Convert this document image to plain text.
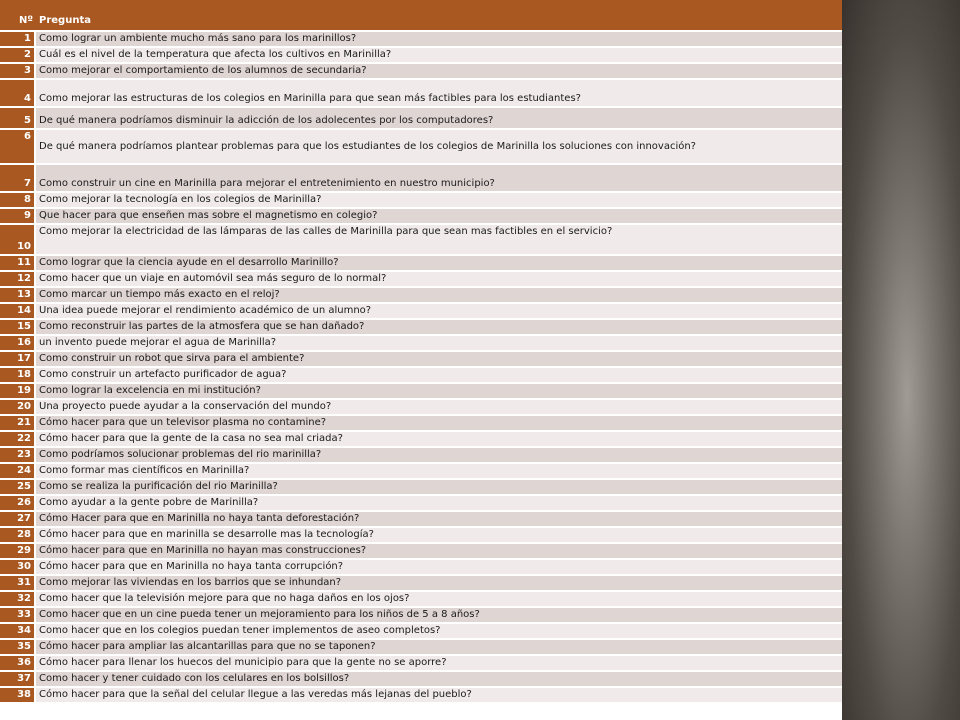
Nº	Pregunta
1	Como lograr un ambiente mucho más sano para los marinillos?
2	Cuál es el nivel de la temperatura que afecta los cultivos en Marinilla?
3	Como mejorar el comportamiento de los alumnos de secundaria?
4	Como mejorar las estructuras de los colegios en Marinilla para que sean más factibles para los estudiantes?
5	De qué manera podríamos disminuir la adicción de los adolecentes por los computadores?
6	De qué manera podríamos plantear problemas para que los estudiantes de los colegios de Marinilla los soluciones con innovación?
7	Como construir un cine en Marinilla para mejorar el entretenimiento en nuestro municipio?
8	Como mejorar la tecnología en los colegios de Marinilla?
9	Que hacer para que enseñen mas sobre el magnetismo en colegio?
10	Como mejorar la electricidad de las lámparas de las calles de Marinilla para que sean mas factibles en el servicio?
11	Como lograr que la ciencia ayude en el desarrollo Marinillo?
12	Como hacer que un viaje en automóvil sea más seguro de lo normal?
13	Como marcar un tiempo más exacto en el reloj?
14	Una idea puede mejorar el rendimiento académico de un alumno?
15	Como reconstruir las partes de la atmosfera que se han dañado?
16	un invento puede mejorar el agua de Marinilla?
17	Como construir un robot que sirva para el ambiente?
18	Como construir un artefacto purificador de agua?
19	Como lograr la excelencia en mi institución?
20	Una proyecto puede ayudar a la conservación del mundo?
21	Cómo hacer para que un televisor plasma no contamine?
22	Cómo hacer para que la gente de la casa no sea mal criada?
23	Como podríamos solucionar problemas del rio marinilla?
24	Como formar mas científicos en Marinilla?
25	Como se realiza la purificación del rio Marinilla?
26	Como ayudar a la gente pobre de Marinilla?
27	Cómo Hacer para que en Marinilla no haya tanta deforestación?
28	Cómo hacer para que en marinilla se desarrolle mas la tecnología?
29	Cómo hacer para que en Marinilla no hayan mas construcciones?
30	Cómo hacer para que en Marinilla no haya tanta corrupción?
31	Como mejorar las viviendas en los barrios que se inhundan?
32	Como hacer que la televisión mejore para que no haga daños en los ojos?
33	Como hacer que en un cine pueda tener un mejoramiento para los niños de 5 a 8 años?
34	Como hacer que en los colegios puedan tener implementos de aseo completos?
35	Cómo hacer para ampliar las alcantarillas para que no se taponen?
36	Cómo hacer para llenar los huecos del municipio para que la gente no se aporre?
37	Como hacer y tener cuidado con los celulares en los bolsillos?
38	Cómo hacer para que la señal del celular llegue a las veredas más lejanas del pueblo?
